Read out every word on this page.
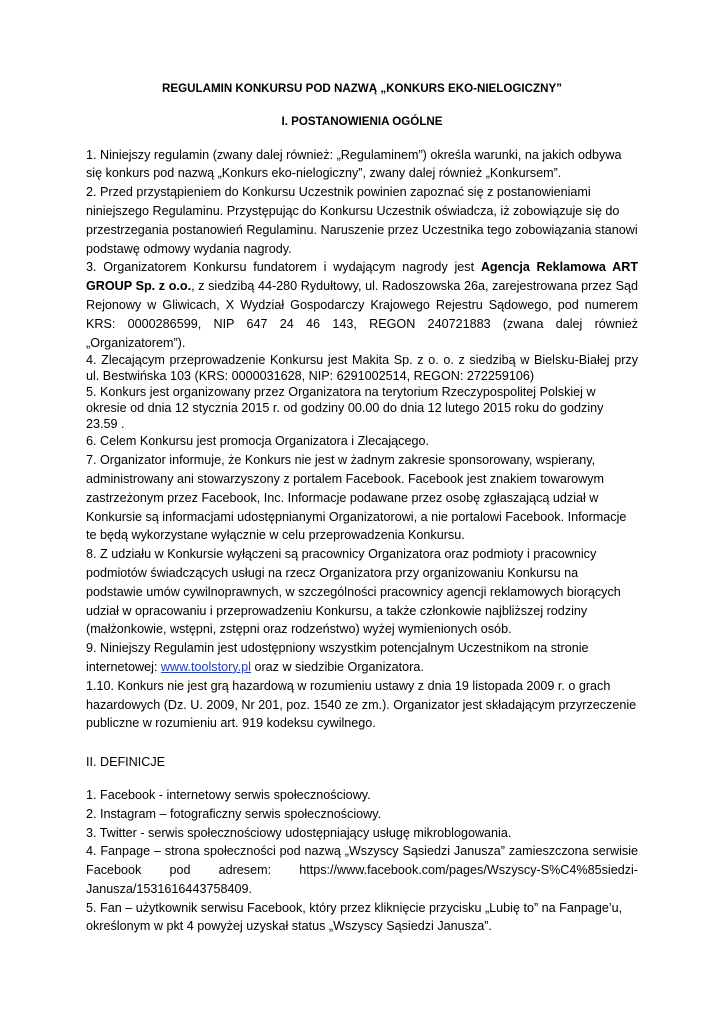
REGULAMIN KONKURSU POD NAZWĄ „KONKURS EKO-NIELOGICZNY”
I. POSTANOWIENIA OGÓLNE

1. Niniejszy regulamin (zwany dalej również: „Regulaminem”) określa warunki, na jakich odbywa się konkurs pod nazwą „Konkurs eko-nielogiczny”, zwany dalej również „Konkursem”.

2. Przed przystąpieniem do Konkursu Uczestnik powinien zapoznać się z postanowieniami niniejszego Regulaminu. Przystępując do Konkursu Uczestnik oświadcza, iż zobowiązuje się do przestrzegania postanowień Regulaminu. Naruszenie przez Uczestnika tego zobowiązania stanowi podstawę odmowy wydania nagrody.

3. Organizatorem Konkursu fundatorem i wydającym nagrody jest Agencja Reklamowa ART GROUP Sp. z o.o., z siedzibą 44-280 Rydułtowy, ul. Radoszowska 26a, zarejestrowana przez Sąd Rejonowy w Gliwicach, X Wydział Gospodarczy Krajowego Rejestru Sądowego, pod numerem KRS: 0000286599, NIP 647 24 46 143, REGON 240721883 (zwana dalej również „Organizatorem”).

4. Zlecającym przeprowadzenie Konkursu jest Makita Sp. z o. o. z siedzibą w Bielsku-Białej przy ul. Bestwińska 103 (KRS: 0000031628, NIP: 6291002514, REGON: 272259106)

5. Konkurs jest organizowany przez Organizatora na terytorium Rzeczypospolitej Polskiej w okresie od dnia 12 stycznia 2015 r. od godziny 00.00 do dnia 12 lutego 2015 roku do godziny 23.59 .

6. Celem Konkursu jest promocja Organizatora i Zlecającego.

7. Organizator informuje, że Konkurs nie jest w żadnym zakresie sponsorowany, wspierany, administrowany ani stowarzyszony z portalem Facebook. Facebook jest znakiem towarowym zastrzeżonym przez Facebook, Inc. Informacje podawane przez osobę zgłaszającą udział w Konkursie są informacjami udostępnianymi Organizatorowi, a nie portalowi Facebook. Informacje te będą wykorzystane wyłącznie w celu przeprowadzenia Konkursu.

8. Z udziału w Konkursie wyłączeni są pracownicy Organizatora oraz podmioty i pracownicy podmiotów świadczących usługi na rzecz Organizatora przy organizowaniu Konkursu na podstawie umów cywilnoprawnych, w szczególności pracownicy agencji reklamowych biorących udział w opracowaniu i przeprowadzeniu Konkursu, a także członkowie najbliższej rodziny (małżonkowie, wstępni, zstępni oraz rodzeństwo) wyżej wymienionych osób.

9. Niniejszy Regulamin jest udostępniony wszystkim potencjalnym Uczestnikom na stronie internetowej: www.toolstory.pl oraz w siedzibie Organizatora.

1.10. Konkurs nie jest grą hazardową w rozumieniu ustawy z dnia 19 listopada 2009 r. o grach hazardowych (Dz. U. 2009, Nr 201, poz. 1540 ze zm.). Organizator jest składającym przyrzeczenie publiczne w rozumieniu art. 919 kodeksu cywilnego.

II. DEFINICJE

1. Facebook - internetowy serwis społecznościowy.

2. Instagram – fotograficzny serwis społecznościowy.

3. Twitter - serwis społecznościowy udostępniający usługę mikroblogowania.

4. Fanpage – strona społeczności pod nazwą „Wszyscy Sąsiedzi Janusza” zamieszczona serwisie Facebook pod adresem: https://www.facebook.com/pages/Wszyscy-S%C4%85siedzi-Janusza/1531616443758409.

5. Fan – użytkownik serwisu Facebook, który przez kliknięcie przycisku „Lubię to” na Fanpage’u, określonym w pkt 4 powyżej uzyskał status „Wszyscy Sąsiedzi Janusza”.
